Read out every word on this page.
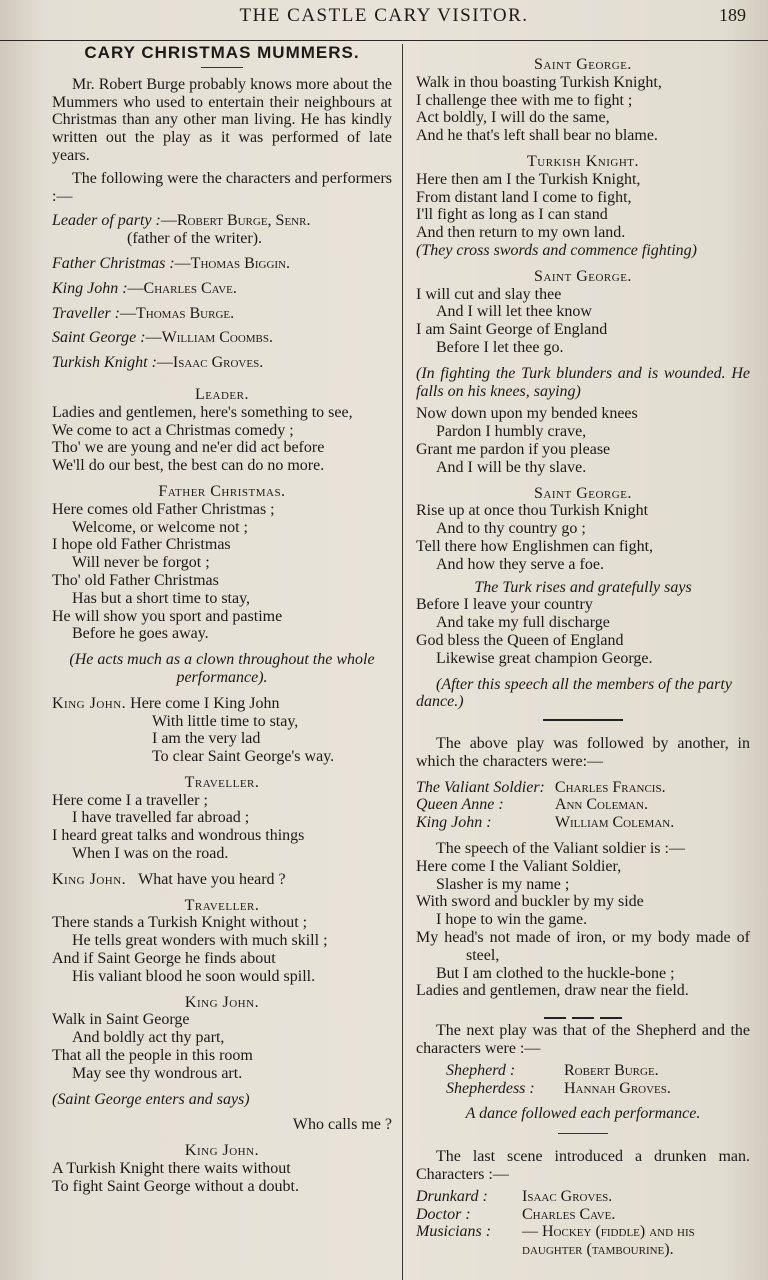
THE CASTLE CARY VISITOR.	189

CARY CHRISTMAS MUMMERS.

Mr. Robert Burge probably knows more about the Mummers who used to entertain their neighbours at Christmas than any other man living. He has kindly written out the play as it was performed of late years.

The following were the characters and performers :—

Leader of party :—Robert Burge, Senr.

(father of the writer).

Father Christmas :—Thomas Biggin.

King John :—Charles Cave.

Traveller :—Thomas Burge.

Saint George :—William Coombs.

Turkish Knight :—Isaac Groves.

Leader.

Ladies and gentlemen, here's something to see,

We come to act a Christmas comedy ;

Tho' we are young and ne'er did act before

We'll do our best, the best can do no more.

Father Christmas.

Here comes old Father Christmas ;

Welcome, or welcome not ;

I hope old Father Christmas

Will never be forgot ;

Tho' old Father Christmas

Has but a short time to stay,

He will show you sport and pastime

Before he goes away.

(He acts much as a clown throughout the whole performance).

King John. Here come I King John

With little time to stay,

I am the very lad

To clear Saint George's way.

Traveller.

Here come I a traveller ;

I have travelled far abroad ;

I heard great talks and wondrous things

When I was on the road.

King John. What have you heard ?

Traveller.

There stands a Turkish Knight without ;

He tells great wonders with much skill ;

And if Saint George he finds about

His valiant blood he soon would spill.

King John.

Walk in Saint George

And boldly act thy part,

That all the people in this room

May see thy wondrous art.

(Saint George enters and says)

Who calls me ?

King John.

A Turkish Knight there waits without

To fight Saint George without a doubt.

Saint George.

Walk in thou boasting Turkish Knight,

I challenge thee with me to fight ;

Act boldly, I will do the same,

And he that's left shall bear no blame.

Turkish Knight.

Here then am I the Turkish Knight,

From distant land I come to fight,

I'll fight as long as I can stand

And then return to my own land.

(They cross swords and commence fighting)

Saint George.

I will cut and slay thee

And I will let thee know

I am Saint George of England

Before I let thee go.

(In fighting the Turk blunders and is wounded. He falls on his knees, saying)

Now down upon my bended knees

Pardon I humbly crave,

Grant me pardon if you please

And I will be thy slave.

Saint George.

Rise up at once thou Turkish Knight

And to thy country go ;

Tell there how Englishmen can fight,

And how they serve a foe.

The Turk rises and gratefully says

Before I leave your country

And take my full discharge

God bless the Queen of England

Likewise great champion George.

(After this speech all the members of the party dance.)

The above play was followed by another, in which the characters were:—

The Valiant Soldier:	Charles Francis.
Queen Anne :	Ann Coleman.
King John :	William Coleman.

The speech of the Valiant soldier is :—

Here come I the Valiant Soldier,

Slasher is my name ;

With sword and buckler by my side

I hope to win the game.

My head's not made of iron, or my body made of steel,

But I am clothed to the huckle-bone ;

Ladies and gentlemen, draw near the field.

The next play was that of the Shepherd and the characters were :—

Shepherd :	Robert Burge.
Shepherdess :	Hannah Groves.

A dance followed each performance.

The last scene introduced a drunken man. Characters :—

Drunkard :	Isaac Groves.
Doctor :	Charles Cave.
Musicians :	— Hockey (fiddle) and his daughter (tambourine).
